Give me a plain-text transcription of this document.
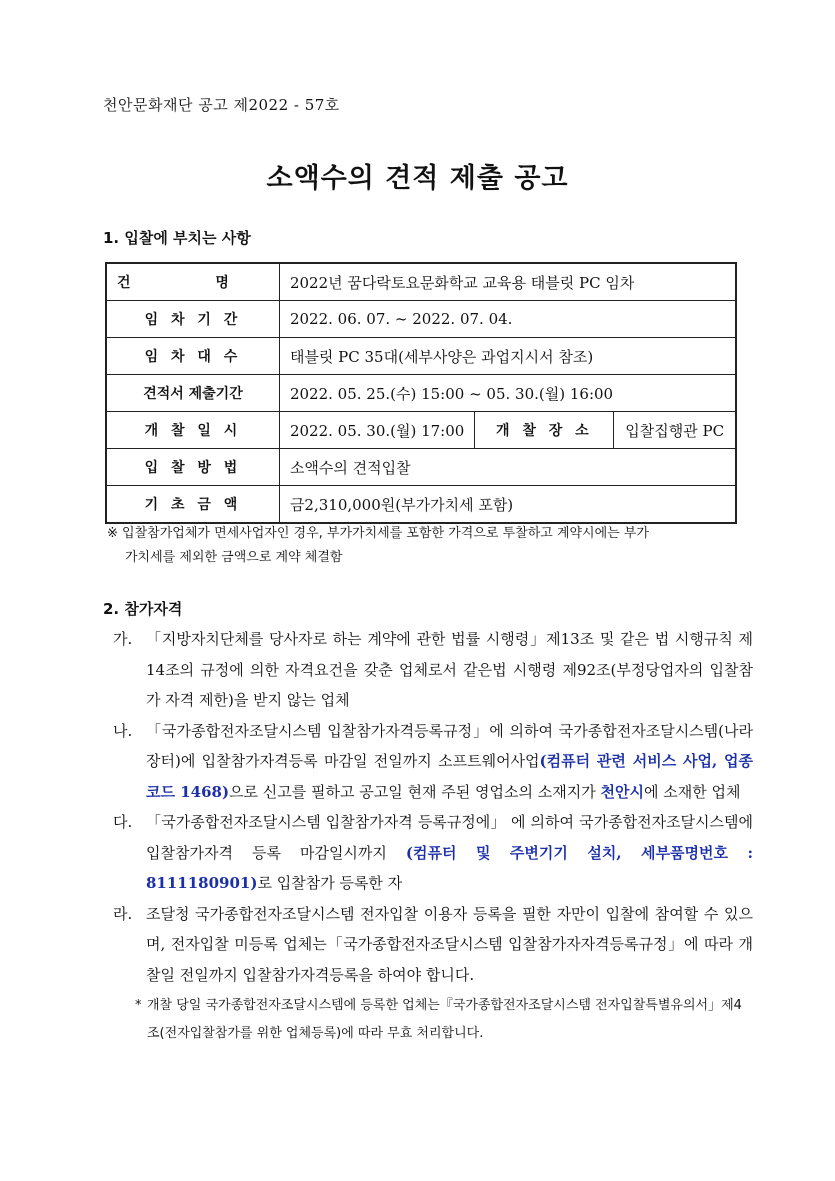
천안문화재단 공고 제2022 - 57호
소액수의 견적 제출 공고
1. 입찰에 부치는 사항
건 명	2022년 꿈다락토요문화학교 교육용 태블릿 PC 임차		
임 차 기 간	2022. 06. 07. ~ 2022. 07. 04.		
임 차 대 수	태블릿 PC 35대(세부사양은 과업지시서 참조)		
견적서 제출기간	2022. 05. 25.(수) 15:00 ~ 05. 30.(월) 16:00		
개 찰 일 시	2022. 05. 30.(월) 17:00	개 찰 장 소	입찰집행관 PC
입 찰 방 법	소액수의 견적입찰		
기 초 금 액	금2,310,000원(부가가치세 포함)		
※ 입찰참가업체가 면세사업자인 경우, 부가가치세를 포함한 가격으로 투찰하고 계약시에는 부가
가치세를 제외한 금액으로 계약 체결함
2. 참가자격
가. 「지방자치단체를 당사자로 하는 계약에 관한 법률 시행령」제13조 및 같은 법 시행규칙 제14조의 규정에 의한 자격요건을 갖춘 업체로서 같은법 시행령 제92조(부정당업자의 입찰참가 자격 제한)을 받지 않는 업체
나. 「국가종합전자조달시스템 입찰참가자격등록규정」에 의하여 국가종합전자조달시스템(나라장터)에 입찰참가자격등록 마감일 전일까지 소프트웨어사업(컴퓨터 관련 서비스 사업, 업종코드 1468)으로 신고를 필하고 공고일 현재 주된 영업소의 소재지가 천안시에 소재한 업체
다. 「국가종합전자조달시스템 입찰참가자격 등록규정에」 에 의하여 국가종합전자조달시스템에 입찰참가자격 등록 마감일시까지 (컴퓨터 및 주변기기 설치, 세부품명번호 : 8111180901)로 입찰참가 등록한 자
라. 조달청 국가종합전자조달시스템 전자입찰 이용자 등록을 필한 자만이 입찰에 참여할 수 있으며, 전자입찰 미등록 업체는「국가종합전자조달시스템 입찰참가자자격등록규정」에 따라 개찰일 전일까지 입찰참가자격등록을 하여야 합니다.
* 개찰 당일 국가종합전자조달시스템에 등록한 업체는『국가종합전자조달시스템 전자입찰특별유의서」제4조(전자입찰참가를 위한 업체등록)에 따라 무효 처리합니다.
